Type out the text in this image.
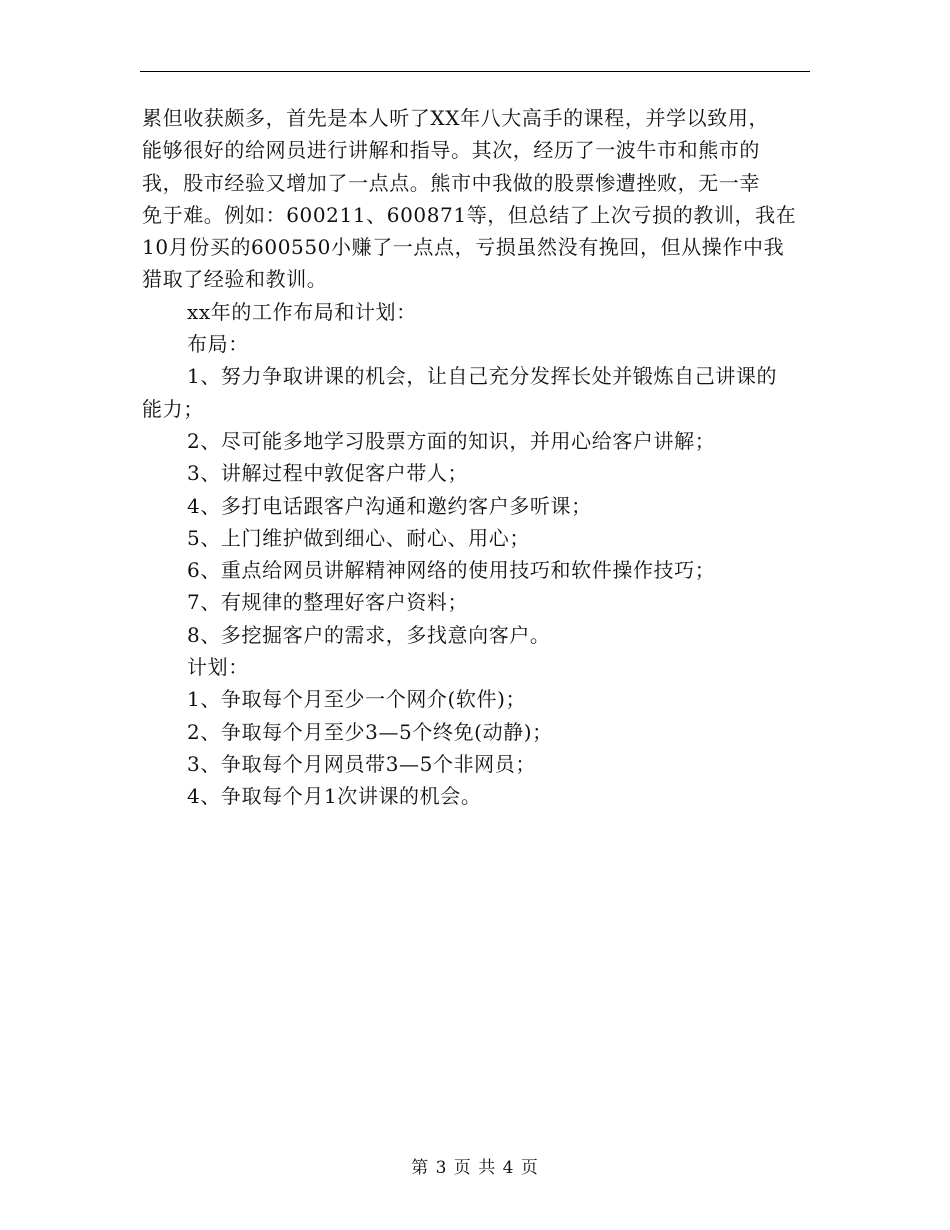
累但收获颇多，首先是本人听了XX年八大高手的课程，并学以致用，
能够很好的给网员进行讲解和指导。其次，经历了一波牛市和熊市的
我，股市经验又增加了一点点。熊市中我做的股票惨遭挫败，无一幸
免于难。例如：600211、600871等，但总结了上次亏损的教训，我在
10月份买的600550小赚了一点点，亏损虽然没有挽回，但从操作中我
猎取了经验和教训。
xx年的工作布局和计划：
布局：
1、努力争取讲课的机会，让自己充分发挥长处并锻炼自己讲课的
能力；
2、尽可能多地学习股票方面的知识，并用心给客户讲解；
3、讲解过程中敦促客户带人；
4、多打电话跟客户沟通和邀约客户多听课；
5、上门维护做到细心、耐心、用心；
6、重点给网员讲解精神网络的使用技巧和软件操作技巧；
7、有规律的整理好客户资料；
8、多挖掘客户的需求，多找意向客户。
计划：
1、争取每个月至少一个网介(软件)；
2、争取每个月至少3—5个终免(动静)；
3、争取每个月网员带3—5个非网员；
4、争取每个月1次讲课的机会。
第 3 页 共 4 页
